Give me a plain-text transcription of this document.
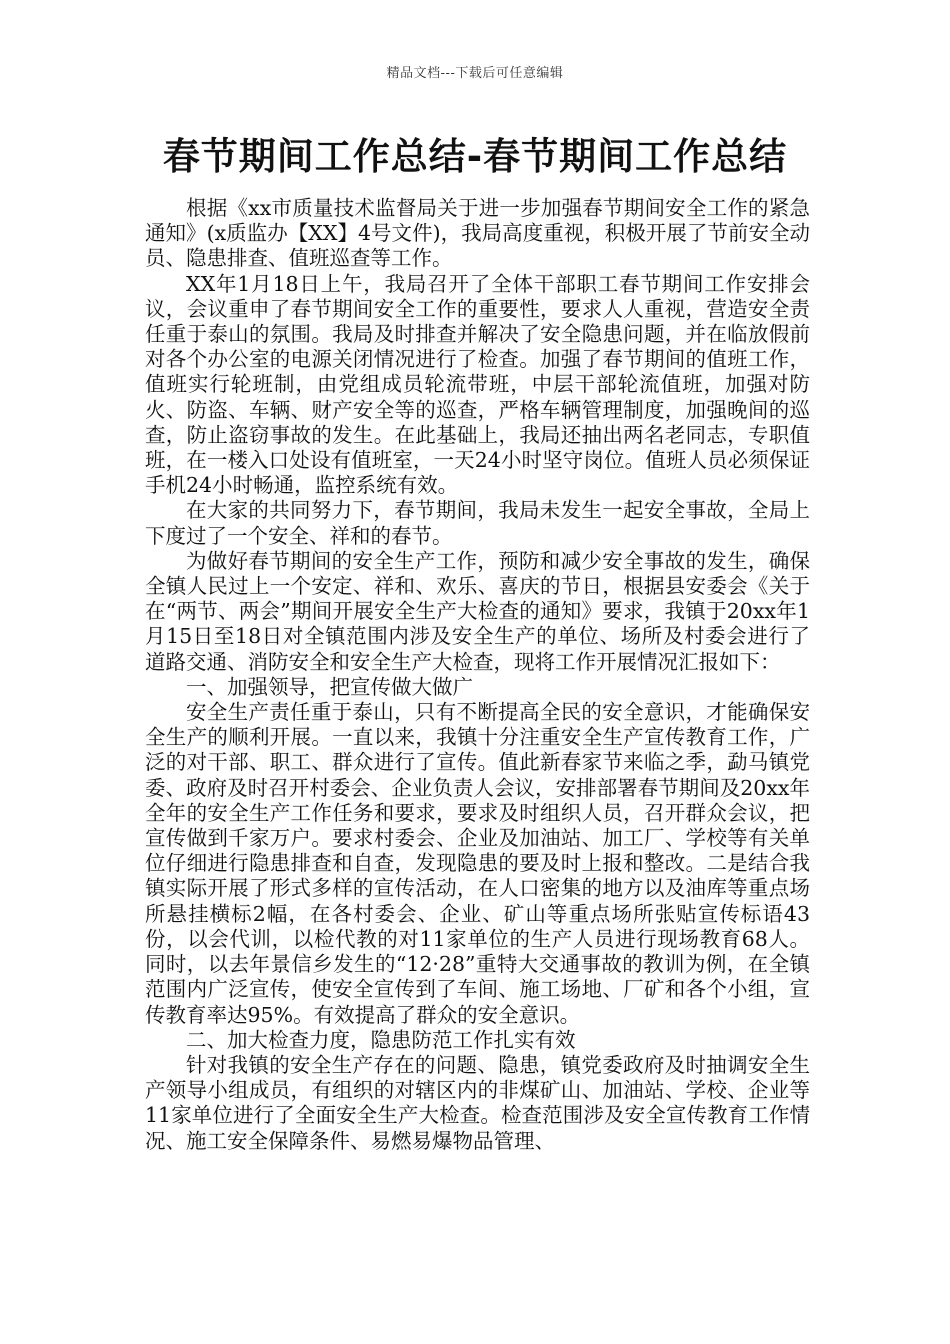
精品文档---下载后可任意编辑
春节期间工作总结-春节期间工作总结

根据《xx市质量技术监督局关于进一步加强春节期间安全工作的紧急通知》(x质监办【XX】4号文件)，我局高度重视，积极开展了节前安全动员、隐患排查、值班巡查等工作。

XX年1月18日上午，我局召开了全体干部职工春节期间工作安排会议，会议重申了春节期间安全工作的重要性，要求人人重视，营造安全责任重于泰山的氛围。我局及时排查并解决了安全隐患问题，并在临放假前对各个办公室的电源关闭情况进行了检查。加强了春节期间的值班工作，值班实行轮班制，由党组成员轮流带班，中层干部轮流值班，加强对防火、防盗、车辆、财产安全等的巡查，严格车辆管理制度，加强晚间的巡查，防止盗窃事故的发生。在此基础上，我局还抽出两名老同志，专职值班，在一楼入口处设有值班室，一天24小时坚守岗位。值班人员必须保证手机24小时畅通，监控系统有效。

在大家的共同努力下，春节期间，我局未发生一起安全事故，全局上下度过了一个安全、祥和的春节。

为做好春节期间的安全生产工作，预防和减少安全事故的发生，确保全镇人民过上一个安定、祥和、欢乐、喜庆的节日，根据县安委会《关于在“两节、两会”期间开展安全生产大检查的通知》要求，我镇于20xx年1月15日至18日对全镇范围内涉及安全生产的单位、场所及村委会进行了道路交通、消防安全和安全生产大检查，现将工作开展情况汇报如下：

一、加强领导，把宣传做大做广

安全生产责任重于泰山，只有不断提高全民的安全意识，才能确保安全生产的顺利开展。一直以来，我镇十分注重安全生产宣传教育工作，广泛的对干部、职工、群众进行了宣传。值此新春家节来临之季，勐马镇党委、政府及时召开村委会、企业负责人会议，安排部署春节期间及20xx年全年的安全生产工作任务和要求，要求及时组织人员，召开群众会议，把宣传做到千家万户。要求村委会、企业及加油站、加工厂、学校等有关单位仔细进行隐患排查和自查，发现隐患的要及时上报和整改。二是结合我镇实际开展了形式多样的宣传活动，在人口密集的地方以及油库等重点场所悬挂横标2幅，在各村委会、企业、矿山等重点场所张贴宣传标语43份，以会代训，以检代教的对11家单位的生产人员进行现场教育68人。同时，以去年景信乡发生的“12·28”重特大交通事故的教训为例，在全镇范围内广泛宣传，使安全宣传到了车间、施工场地、厂矿和各个小组，宣传教育率达95%。有效提高了群众的安全意识。

二、加大检查力度，隐患防范工作扎实有效

针对我镇的安全生产存在的问题、隐患，镇党委政府及时抽调安全生产领导小组成员，有组织的对辖区内的非煤矿山、加油站、学校、企业等11家单位进行了全面安全生产大检查。检查范围涉及安全宣传教育工作情况、施工安全保障条件、易燃易爆物品管理、
